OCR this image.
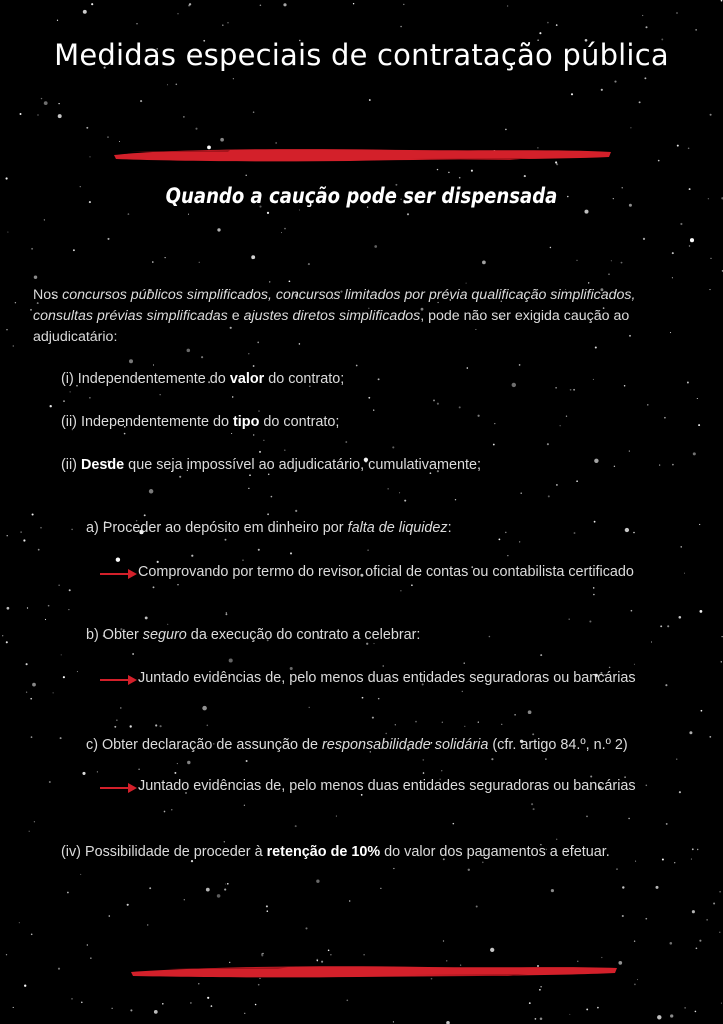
Medidas especiais de contratação pública
Quando a caução pode ser dispensada
Nos concursos públicos simplificados, concursos limitados por prévia qualificação simplificados, consultas prévias simplificadas e ajustes diretos simplificados, pode não ser exigida caução ao adjudicatário:
(i) Independentemente do valor do contrato;
(ii) Independentemente do tipo do contrato;
(ii) Desde que seja impossível ao adjudicatário, cumulativamente;
a) Proceder ao depósito em dinheiro por falta de liquidez:
Comprovando por termo do revisor oficial de contas ou contabilista certificado
b) Obter seguro da execução do contrato a celebrar:
Juntado evidências de, pelo menos duas entidades seguradoras ou bancárias
c) Obter declaração de assunção de responsabilidade solidária (cfr. artigo 84.º, n.º 2)
Juntado evidências de, pelo menos duas entidades seguradoras ou bancárias
(iv) Possibilidade de proceder à retenção de 10% do valor dos pagamentos a efetuar.
